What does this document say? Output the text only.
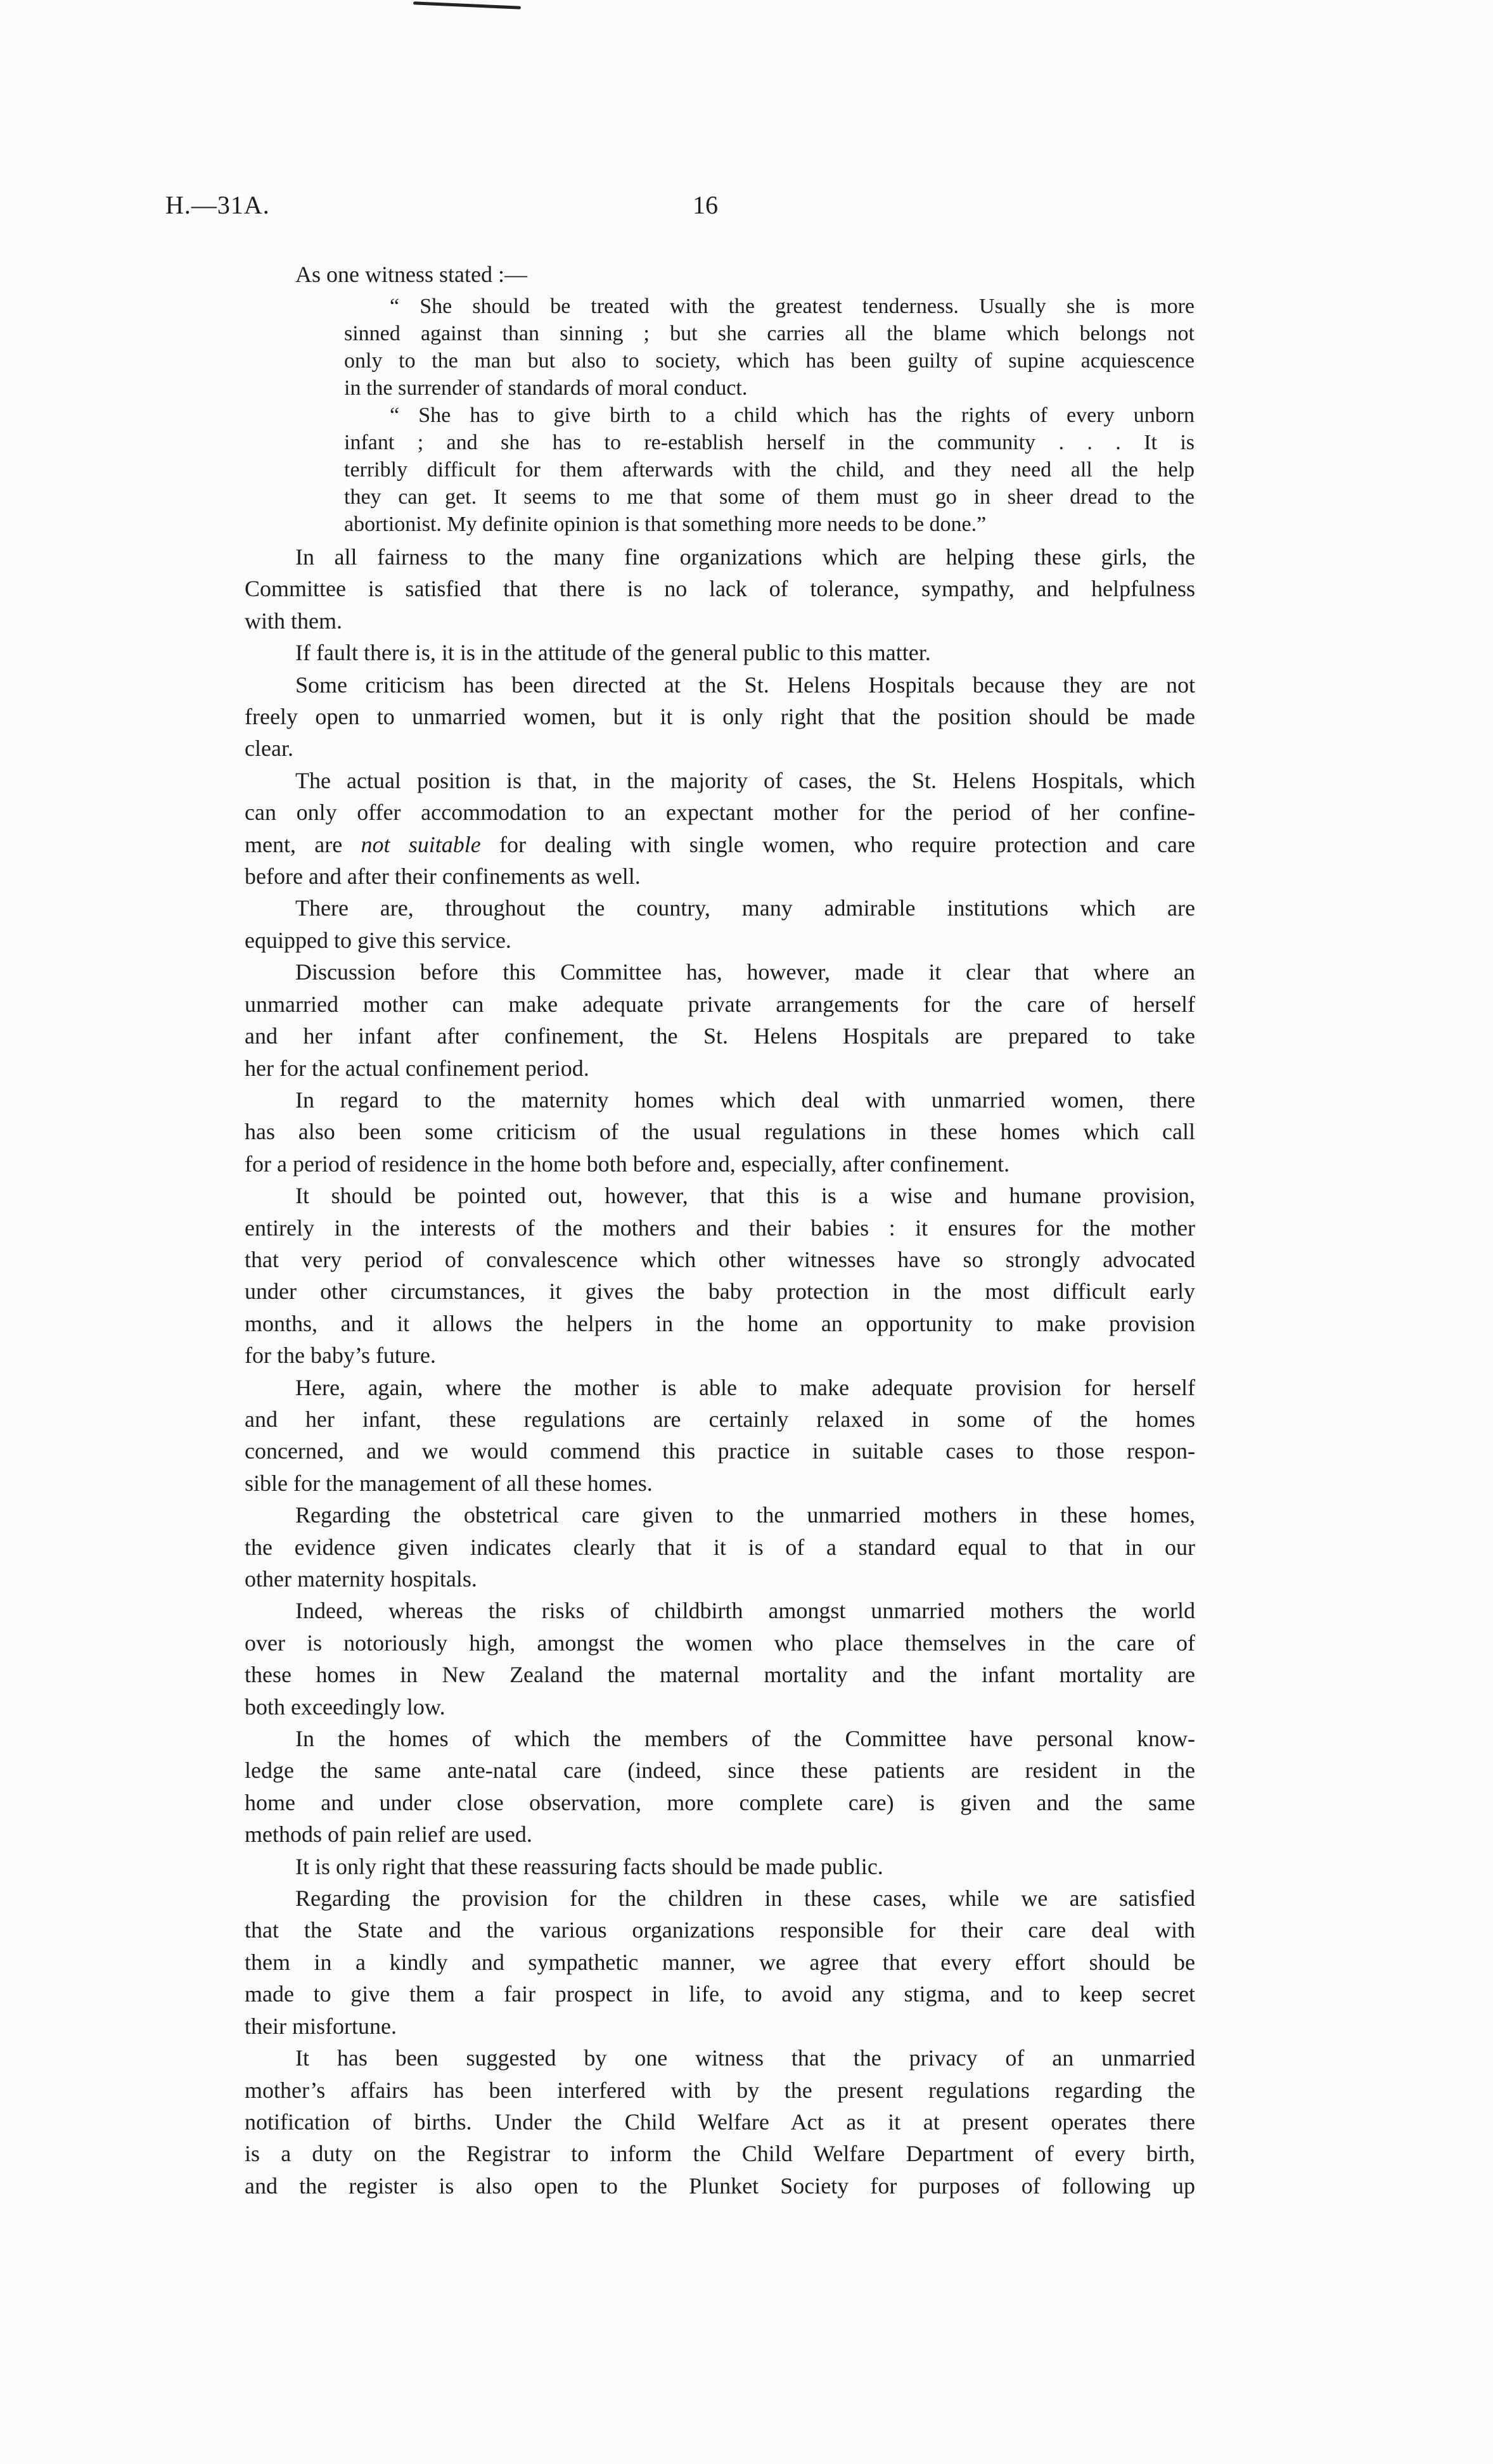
H.—31A.	16
As one witness stated :—
“ She should be treated with the greatest tenderness. Usually she is more
sinned against than sinning ; but she carries all the blame which belongs not
only to the man but also to society, which has been guilty of supine acquiescence
in the surrender of standards of moral conduct.
“ She has to give birth to a child which has the rights of every unborn
infant ; and she has to re-establish herself in the community . . . It is
terribly difficult for them afterwards with the child, and they need all the help
they can get. It seems to me that some of them must go in sheer dread to the
abortionist. My definite opinion is that something more needs to be done.”
In all fairness to the many fine organizations which are helping these girls, the
Committee is satisfied that there is no lack of tolerance, sympathy, and helpfulness
with them.
If fault there is, it is in the attitude of the general public to this matter.
Some criticism has been directed at the St. Helens Hospitals because they are not
freely open to unmarried women, but it is only right that the position should be made
clear.
The actual position is that, in the majority of cases, the St. Helens Hospitals, which
can only offer accommodation to an expectant mother for the period of her confine-
ment, are not suitable for dealing with single women, who require protection and care
before and after their confinements as well.
There are, throughout the country, many admirable institutions which are
equipped to give this service.
Discussion before this Committee has, however, made it clear that where an
unmarried mother can make adequate private arrangements for the care of herself
and her infant after confinement, the St. Helens Hospitals are prepared to take
her for the actual confinement period.
In regard to the maternity homes which deal with unmarried women, there
has also been some criticism of the usual regulations in these homes which call
for a period of residence in the home both before and, especially, after confinement.
It should be pointed out, however, that this is a wise and humane provision,
entirely in the interests of the mothers and their babies : it ensures for the mother
that very period of convalescence which other witnesses have so strongly advocated
under other circumstances, it gives the baby protection in the most difficult early
months, and it allows the helpers in the home an opportunity to make provision
for the baby’s future.
Here, again, where the mother is able to make adequate provision for herself
and her infant, these regulations are certainly relaxed in some of the homes
concerned, and we would commend this practice in suitable cases to those respon-
sible for the management of all these homes.
Regarding the obstetrical care given to the unmarried mothers in these homes,
the evidence given indicates clearly that it is of a standard equal to that in our
other maternity hospitals.
Indeed, whereas the risks of childbirth amongst unmarried mothers the world
over is notoriously high, amongst the women who place themselves in the care of
these homes in New Zealand the maternal mortality and the infant mortality are
both exceedingly low.
In the homes of which the members of the Committee have personal know-
ledge the same ante-natal care (indeed, since these patients are resident in the
home and under close observation, more complete care) is given and the same
methods of pain relief are used.
It is only right that these reassuring facts should be made public.
Regarding the provision for the children in these cases, while we are satisfied
that the State and the various organizations responsible for their care deal with
them in a kindly and sympathetic manner, we agree that every effort should be
made to give them a fair prospect in life, to avoid any stigma, and to keep secret
their misfortune.
It has been suggested by one witness that the privacy of an unmarried
mother’s affairs has been interfered with by the present regulations regarding the
notification of births. Under the Child Welfare Act as it at present operates there
is a duty on the Registrar to inform the Child Welfare Department of every birth,
and the register is also open to the Plunket Society for purposes of following up
